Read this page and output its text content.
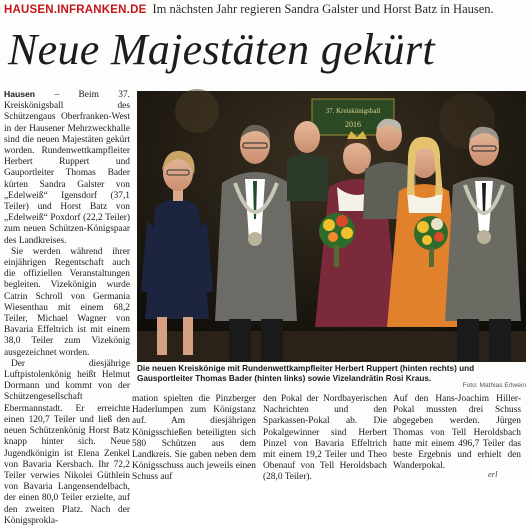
HAUSEN.INFRANKEN.DE Im nächsten Jahr regieren Sandra Galster und Horst Batz in Hausen.
Neue Majestäten gekürt

Hausen – Beim 37. Kreiskönigsball des Schützengaus Oberfranken-West in der Hausener Mehrzweckhalle sind die neuen Majestäten gekürt worden. Rundenwettkampfleiter Herbert Ruppert und Gauportleiter Thomas Bader kürten Sandra Galster von „Edelweiß“ Igensdorf (37,1 Teiler) und Horst Batz von „Edelweiß“ Poxdorf (22,2 Teiler) zum neuen Schützen-Königspaar des Landkreises.

Sie werden während ihrer einjährigen Regentschaft auch die offiziellen Veranstaltungen begleiten. Vizekönigin wurde Catrin Schroll von Germania Wiesenthau mit einem 68,2 Teiler, Michael Wagner von Bavaria Effeltrich ist mit einem 38,0 Teiler zum Vizekönig ausgezeichnet worden.

Der diesjährige Luftpistolenkönig heißt Helmut Dormann und kommt von der Schützengesellschaft Ebermannstadt. Er erreichte einen 120,7 Teiler und ließ den neuen Schützenkönig Horst Batz knapp hinter sich. Neue Jugendkönigin ist Elena Zenkel von Bavaria Kersbach. Ihr 72,2 Teiler verwies Nikolei Güthlein von Bavaria Langensendelbach, der einen 80,0 Teiler erzielte, auf den zweiten Platz. Nach der Königsprokla-

37. Kreiskönigsball
2016
Die neuen Kreiskönige mit Rundenwettkampfleiter Herbert Ruppert (hinten rechts) und Gausportleiter Thomas Bader (hinten links) sowie Vizelandrätin Rosi Kraus.
Foto: Mathias Erlwein

mation spielten die Pinzberger Haderlumpen zum Königstanz auf. Am diesjährigen Königsschießen beteiligten sich 580 Schützen aus dem Landkreis. Sie gaben neben dem Königsschuss auch jeweils einen Schuss auf

den Pokal der Nordbayerischen Nachrichten und den Sparkassen-Pokal ab. Die Pokalgewinner sind Herbert Pinzel von Bavaria Effeltrich mit einem 19,2 Teiler und Theo Obenauf von Tell Heroldsbach (28,0 Teiler).

Auf den Hans-Joachim Hiller-Pokal mussten drei Schuss abgegeben werden. Jürgen Thomas von Tell Heroldsbach hatte mit einem 496,7 Teiler das beste Ergebnis und erhielt den Wanderpokal.

erl
